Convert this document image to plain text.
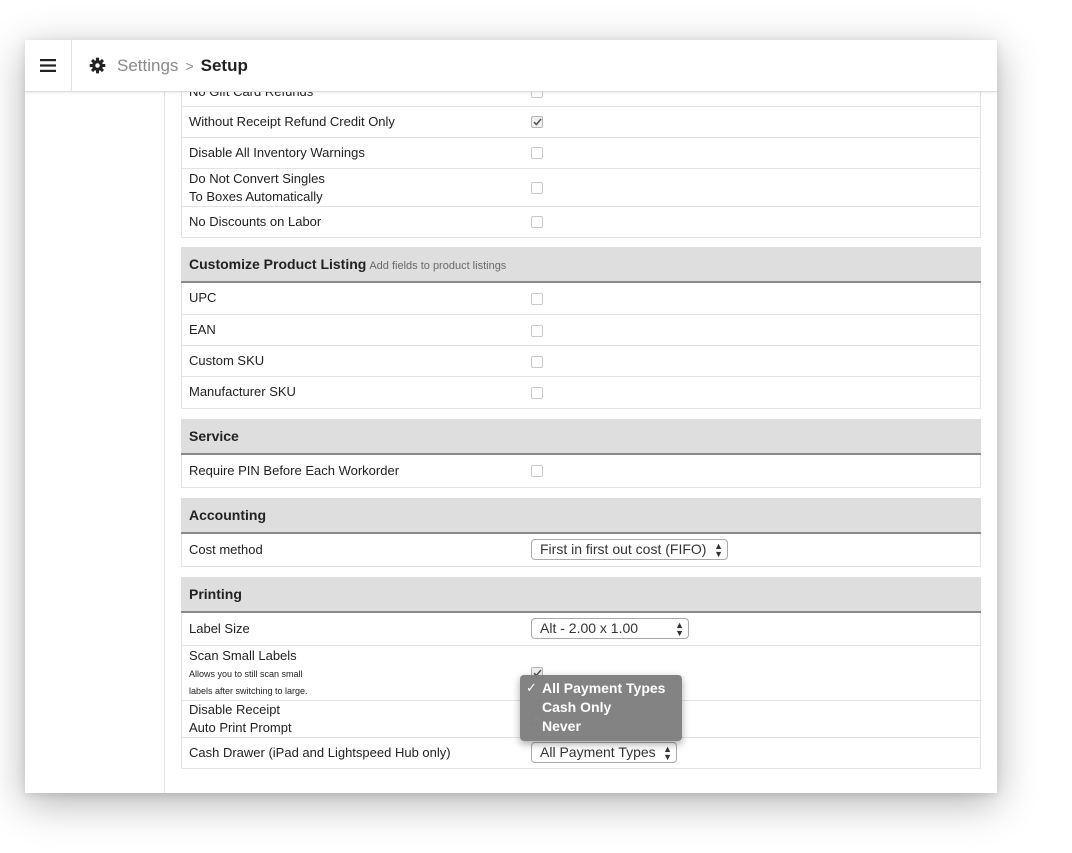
Settings > Setup
Without Receipt Refund Credit Only
Disable All Inventory Warnings
Do Not Convert Singles
To Boxes Automatically
No Discounts on Labor
Customize Product Listing Add fields to product listings
UPC
EAN
Custom SKU
Manufacturer SKU
Service
Require PIN Before Each Workorder
Accounting
Cost method	First in first out cost (FIFO) ▲
▼
Printing
Label Size	Alt - 2.00 x 1.00	▲
▼
Scan Small Labels
Allows you to still scan small
labels after switching to large.
Disable Receipt
Auto Print Prompt
Cash Drawer (iPad and Lightspeed Hub only)	All Payment Types ▲
▼
✓ All Payment Types
Cash Only
Never
